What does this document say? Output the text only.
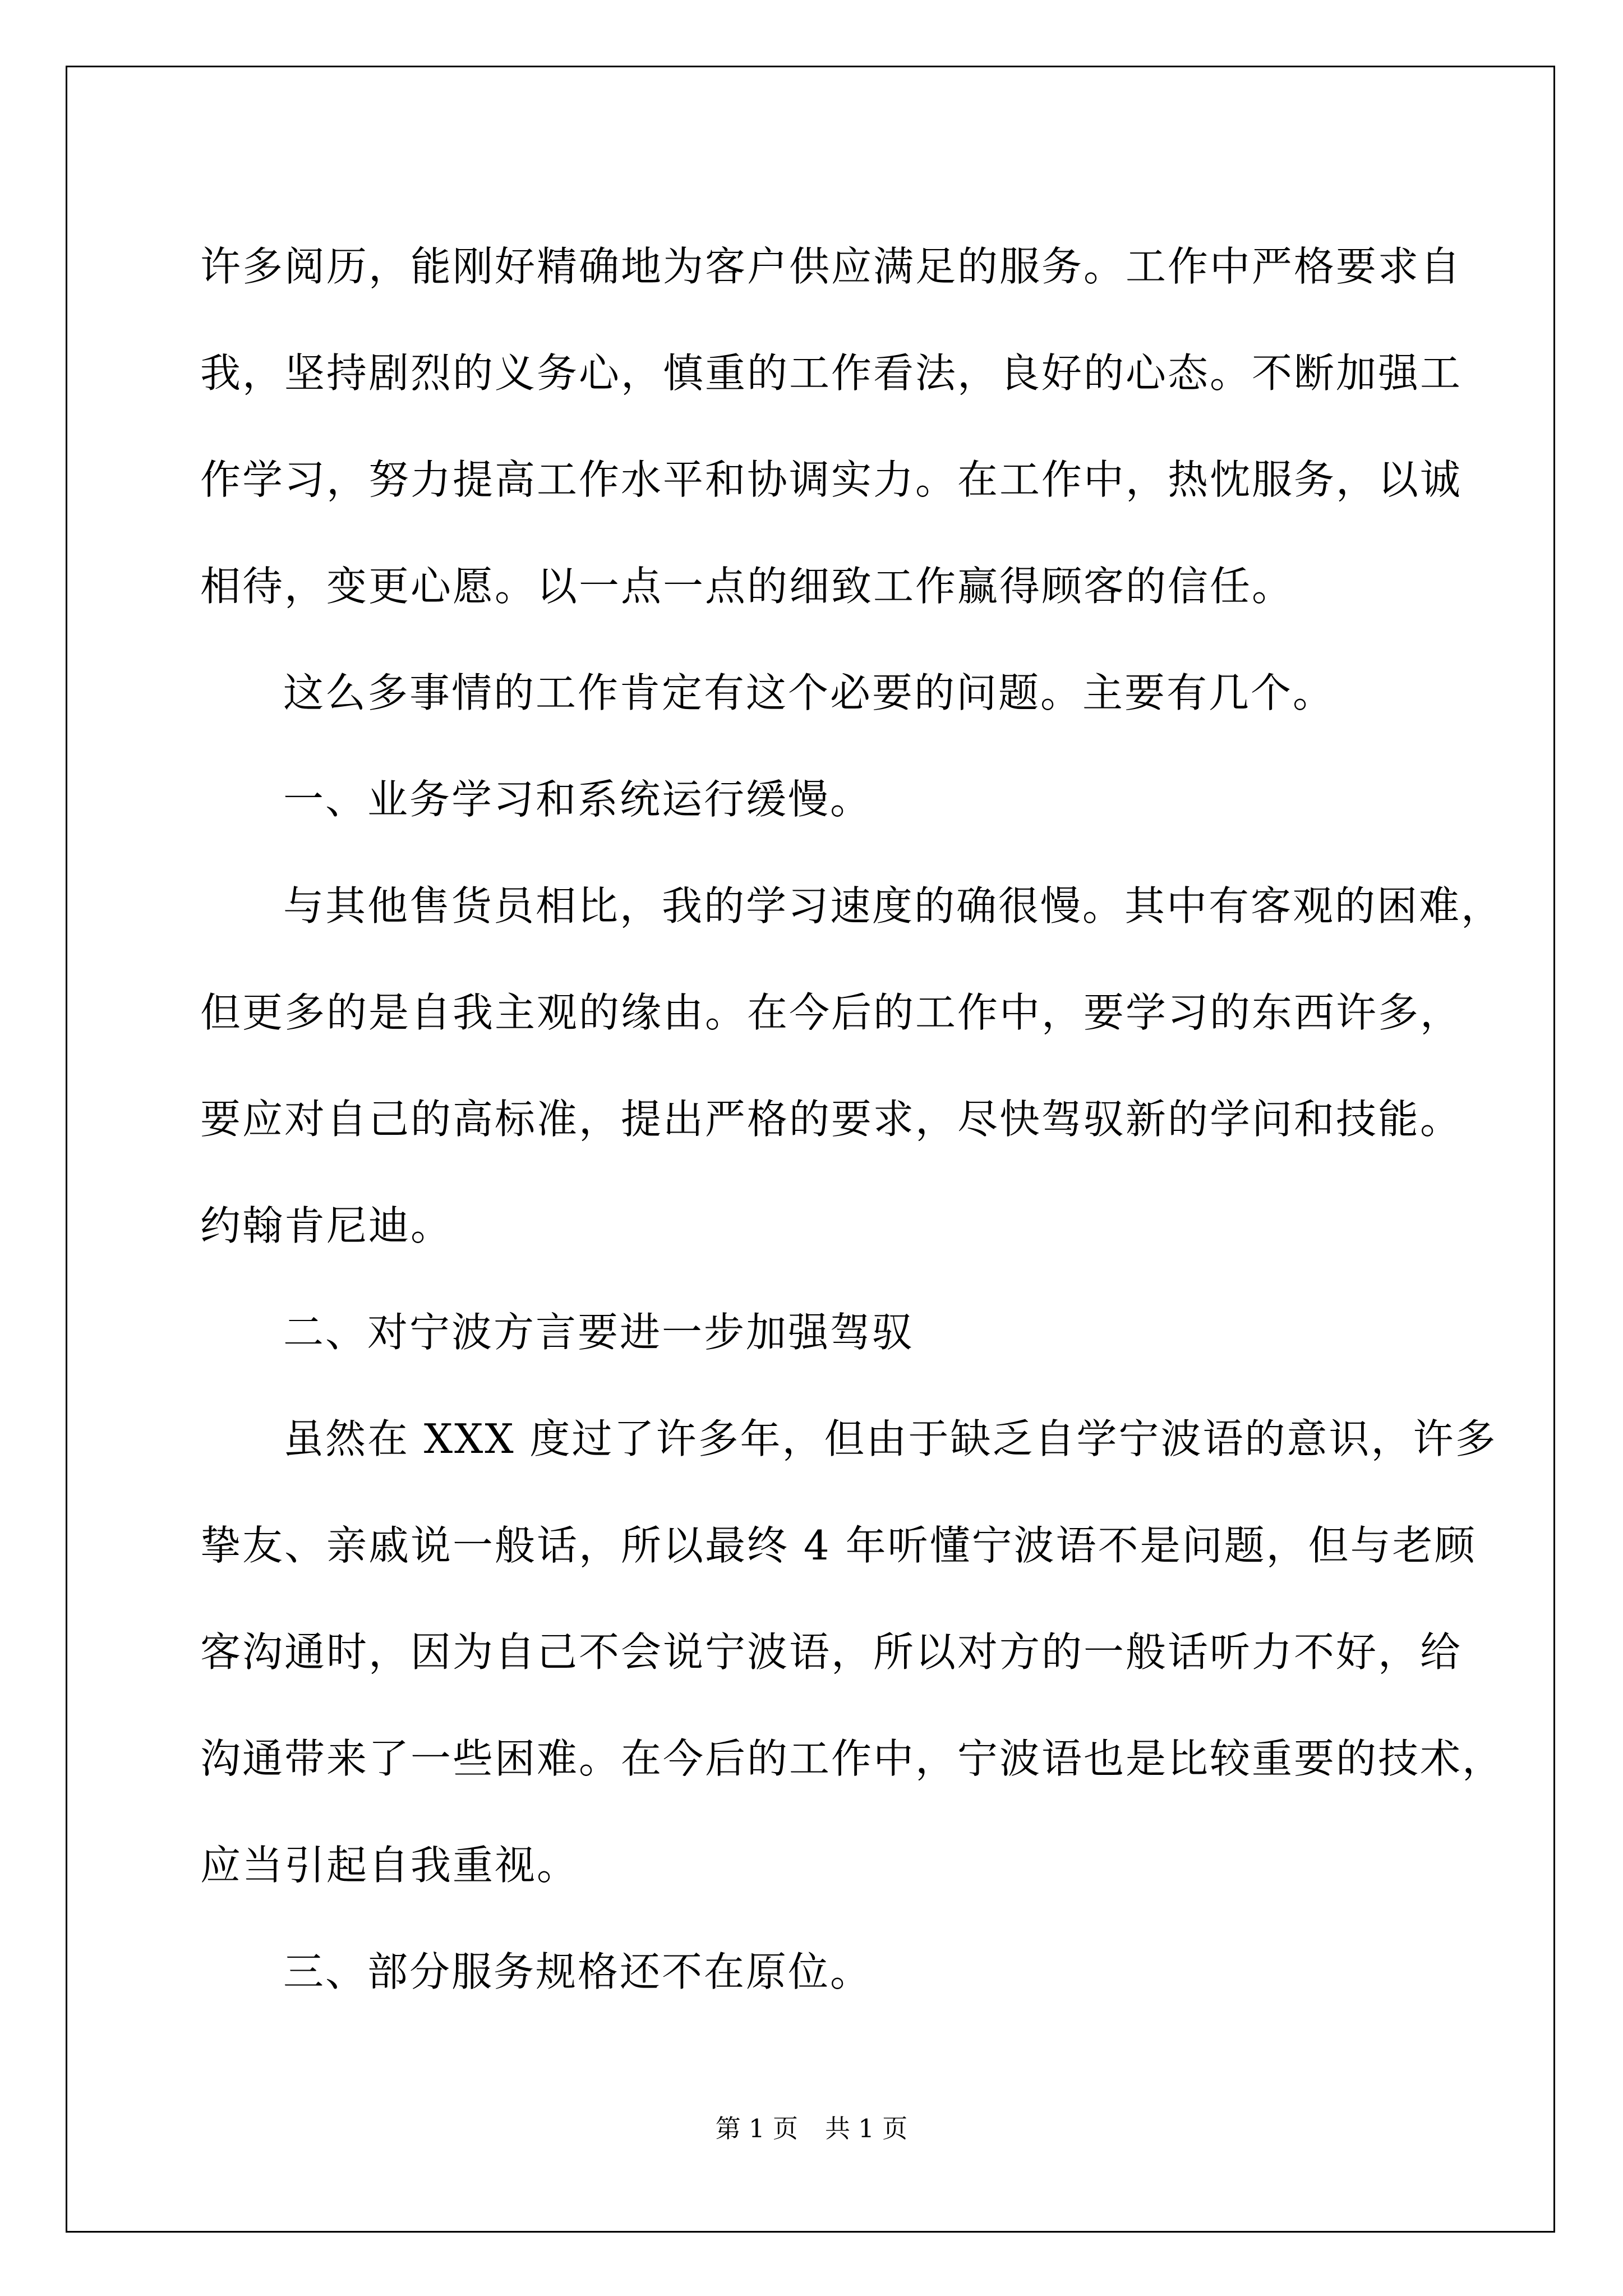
许多阅历，能刚好精确地为客户供应满足的服务。工作中严格要求自
我，坚持剧烈的义务心，慎重的工作看法，良好的心态。不断加强工
作学习，努力提高工作水平和协调实力。在工作中，热忱服务，以诚
相待，变更心愿。以一点一点的细致工作赢得顾客的信任。
这么多事情的工作肯定有这个必要的问题。主要有几个。
一、业务学习和系统运行缓慢。
与其他售货员相比，我的学习速度的确很慢。其中有客观的困难，
但更多的是自我主观的缘由。在今后的工作中，要学习的东西许多，
要应对自己的高标准，提出严格的要求，尽快驾驭新的学问和技能。
约翰肯尼迪。
二、对宁波方言要进一步加强驾驭
虽然在 XXX 度过了许多年，但由于缺乏自学宁波语的意识，许多
挚友、亲戚说一般话，所以最终 4 年听懂宁波语不是问题，但与老顾
客沟通时，因为自己不会说宁波语，所以对方的一般话听力不好，给
沟通带来了一些困难。在今后的工作中，宁波语也是比较重要的技术，
应当引起自我重视。
三、部分服务规格还不在原位。
第 1 页 共 1 页
